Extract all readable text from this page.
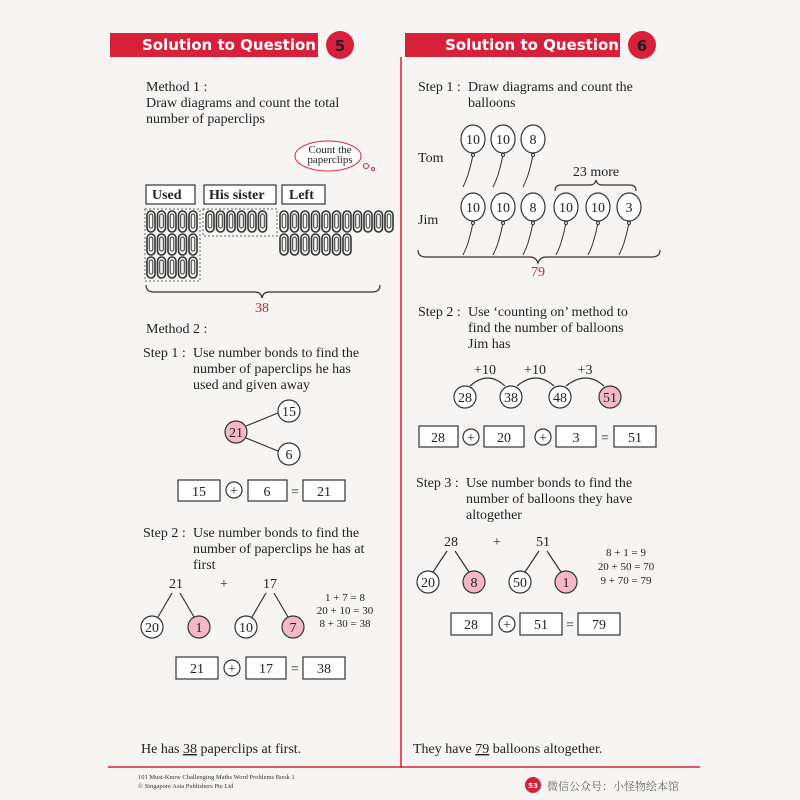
Solution to Question 5	Solution to Question 6
Method 1 :
Draw diagrams and count the total
number of paperclips
Count the
paperclips
Used His sister Left
38
Method 2 :
Step 1 : Use number bonds to find the
number of paperclips he has
used and given away
21
15
6
15 + 6 = 21
Step 2 : Use number bonds to find the
number of paperclips he has at
first
21	+	17
20	1	10	7
1 + 7 = 8
20 + 10 = 30
8 + 30 = 38
21 + 17 = 38
He has 38 paperclips at first.
Step 1 : Draw diagrams and count the
balloons
Tom
Jim
10 10 8
10 10 8 10 10 3
23 more
79
Step 2 : Use ‘counting on’ method to
find the number of balloons
Jim has
+10 +10 +3
28 38	48	51
28 + 20 + 3 = 51
Step 3 : Use number bonds to find the
number of balloons they have
altogether
28	+	51
20	8	50	1
8 + 1 = 9
20 + 50 = 70
9 + 70 = 79
28 + 51 = 79
They have 79 balloons altogether.
101 Must-Know Challenging Maths Word Problems Book 1
© Singapore Asia Publishers Pte Ltd	53 微信公众号：小怪物绘本馆
